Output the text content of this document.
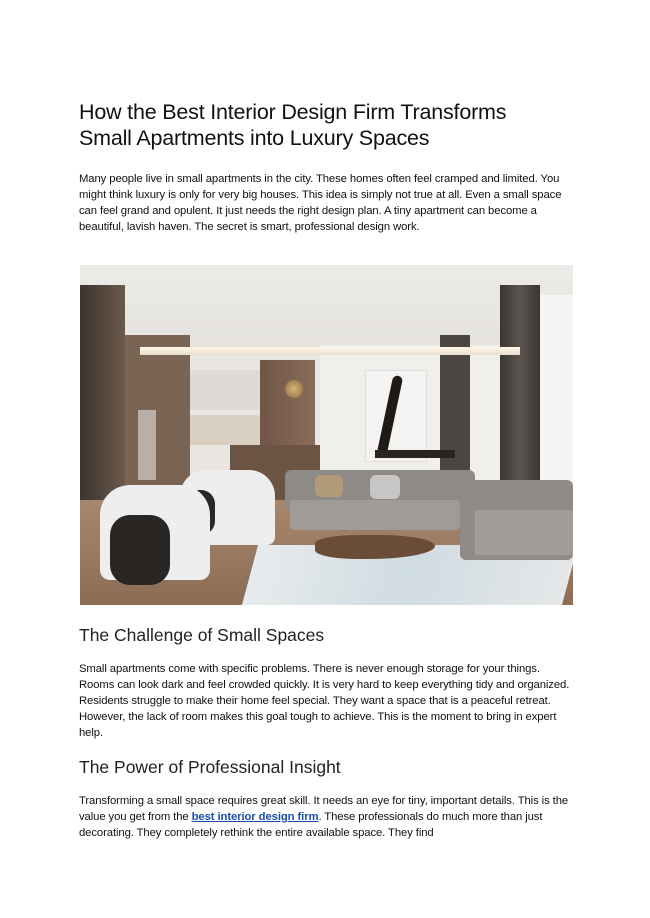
How the Best Interior Design Firm Transforms
Small Apartments into Luxury Spaces

Many people live in small apartments in the city. These homes often feel cramped and limited. You might think luxury is only for very big houses. This idea is simply not true at all. Even a small space can feel grand and opulent. It just needs the right design plan. A tiny apartment can become a beautiful, lavish haven. The secret is smart, professional design work.

The Challenge of Small Spaces

Small apartments come with specific problems. There is never enough storage for your things. Rooms can look dark and feel crowded quickly. It is very hard to keep everything tidy and organized. Residents struggle to make their home feel special. They want a space that is a peaceful retreat. However, the lack of room makes this goal tough to achieve. This is the moment to bring in expert help.

The Power of Professional Insight

Transforming a small space requires great skill. It needs an eye for tiny, important details. This is the value you get from the best interior design firm. These professionals do much more than just decorating. They completely rethink the entire available space. They find
